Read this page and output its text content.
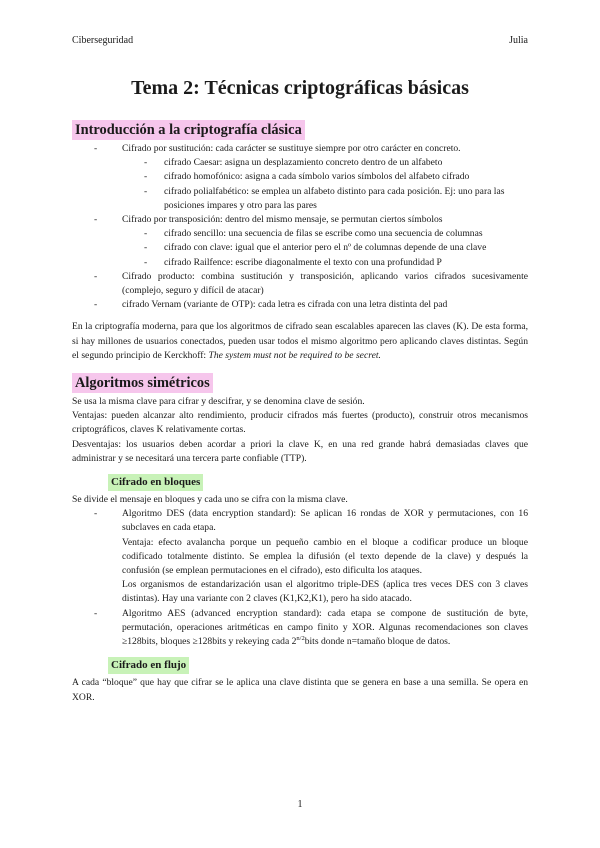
Ciberseguridad	Julia
Tema 2: Técnicas criptográficas básicas
Introducción a la criptografía clásica
- Cifrado por sustitución: cada carácter se sustituye siempre por otro carácter en concreto.
- cifrado Caesar: asigna un desplazamiento concreto dentro de un alfabeto
- cifrado homofónico: asigna a cada símbolo varios símbolos del alfabeto cifrado
- cifrado polialfabético: se emplea un alfabeto distinto para cada posición. Ej: uno para las posiciones impares y otro para las pares
- Cifrado por transposición: dentro del mismo mensaje, se permutan ciertos símbolos
- cifrado sencillo: una secuencia de filas se escribe como una secuencia de columnas
- cifrado con clave: igual que el anterior pero el nº de columnas depende de una clave
- cifrado Railfence: escribe diagonalmente el texto con una profundidad P
- Cifrado producto: combina sustitución y transposición, aplicando varios cifrados sucesivamente (complejo, seguro y difícil de atacar)
- cifrado Vernam (variante de OTP): cada letra es cifrada con una letra distinta del pad

En la criptografía moderna, para que los algoritmos de cifrado sean escalables aparecen las claves (K). De esta forma, si hay millones de usuarios conectados, pueden usar todos el mismo algoritmo pero aplicando claves distintas. Según el segundo principio de Kerckhoff: The system must not be required to be secret.

Algoritmos simétricos

Se usa la misma clave para cifrar y descifrar, y se denomina clave de sesión.

Ventajas: pueden alcanzar alto rendimiento, producir cifrados más fuertes (producto), construir otros mecanismos criptográficos, claves K relativamente cortas.

Desventajas: los usuarios deben acordar a priori la clave K, en una red grande habrá demasiadas claves que administrar y se necesitará una tercera parte confiable (TTP).

Cifrado en bloques

Se divide el mensaje en bloques y cada uno se cifra con la misma clave.

- Algoritmo DES (data encryption standard): Se aplican 16 rondas de XOR y permutaciones, con 16 subclaves en cada etapa.

Ventaja: efecto avalancha porque un pequeño cambio en el bloque a codificar produce un bloque codificado totalmente distinto. Se emplea la difusión (el texto depende de la clave) y después la confusión (se emplean permutaciones en el cifrado), esto dificulta los ataques.

Los organismos de estandarización usan el algoritmo triple-DES (aplica tres veces DES con 3 claves distintas). Hay una variante con 2 claves (K1,K2,K1), pero ha sido atacado.

- Algoritmo AES (advanced encryption standard): cada etapa se compone de sustitución de byte, permutación, operaciones aritméticas en campo finito y XOR. Algunas recomendaciones son claves ≥128bits, bloques ≥128bits y rekeying cada $2^{n/2}bits$ donde n=tamaño bloque de datos.
Cifrado en flujo

A cada “bloque” que hay que cifrar se le aplica una clave distinta que se genera en base a una semilla. Se opera en XOR.

1
